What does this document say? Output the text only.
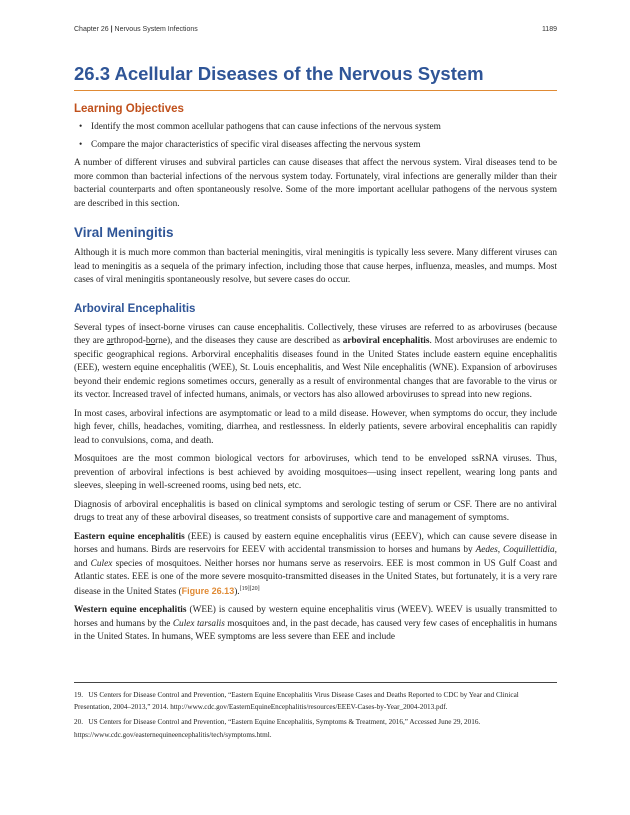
Chapter 26 | Nervous System Infections	1189
26.3 Acellular Diseases of the Nervous System
Learning Objectives
• Identify the most common acellular pathogens that can cause infections of the nervous system
• Compare the major characteristics of specific viral diseases affecting the nervous system

A number of different viruses and subviral particles can cause diseases that affect the nervous system. Viral diseases tend to be more common than bacterial infections of the nervous system today. Fortunately, viral infections are generally milder than their bacterial counterparts and often spontaneously resolve. Some of the more important acellular pathogens of the nervous system are described in this section.

Viral Meningitis

Although it is much more common than bacterial meningitis, viral meningitis is typically less severe. Many different viruses can lead to meningitis as a sequela of the primary infection, including those that cause herpes, influenza, measles, and mumps. Most cases of viral meningitis spontaneously resolve, but severe cases do occur.

Arboviral Encephalitis

Several types of insect-borne viruses can cause encephalitis. Collectively, these viruses are referred to as arboviruses (because they are arthropod-borne), and the diseases they cause are described as arboviral encephalitis. Most arboviruses are endemic to specific geographical regions. Arborviral encephalitis diseases found in the United States include eastern equine encephalitis (EEE), western equine encephalitis (WEE), St. Louis encephalitis, and West Nile encephalitis (WNE). Expansion of arboviruses beyond their endemic regions sometimes occurs, generally as a result of environmental changes that are favorable to the virus or its vector. Increased travel of infected humans, animals, or vectors has also allowed arboviruses to spread into new regions.

In most cases, arboviral infections are asymptomatic or lead to a mild disease. However, when symptoms do occur, they include high fever, chills, headaches, vomiting, diarrhea, and restlessness. In elderly patients, severe arboviral encephalitis can rapidly lead to convulsions, coma, and death.

Mosquitoes are the most common biological vectors for arboviruses, which tend to be enveloped ssRNA viruses. Thus, prevention of arboviral infections is best achieved by avoiding mosquitoes—using insect repellent, wearing long pants and sleeves, sleeping in well-screened rooms, using bed nets, etc.

Diagnosis of arboviral encephalitis is based on clinical symptoms and serologic testing of serum or CSF. There are no antiviral drugs to treat any of these arboviral diseases, so treatment consists of supportive care and management of symptoms.

Eastern equine encephalitis (EEE) is caused by eastern equine encephalitis virus (EEEV), which can cause severe disease in horses and humans. Birds are reservoirs for EEEV with accidental transmission to horses and humans by Aedes, Coquillettidia, and Culex species of mosquitoes. Neither horses nor humans serve as reservoirs. EEE is most common in US Gulf Coast and Atlantic states. EEE is one of the more severe mosquito-transmitted diseases in the United States, but fortunately, it is a very rare disease in the United States (Figure 26.13).[19][20]

Western equine encephalitis (WEE) is caused by western equine encephalitis virus (WEEV). WEEV is usually transmitted to horses and humans by the Culex tarsalis mosquitoes and, in the past decade, has caused very few cases of encephalitis in humans in the United States. In humans, WEE symptoms are less severe than EEE and include

19.   US Centers for Disease Control and Prevention, “Eastern Equine Encephalitis Virus Disease Cases and Deaths Reported to CDC by Year and Clinical Presentation, 2004–2013,” 2014. http://www.cdc.gov/EasternEquineEncephalitis/resources/EEEV-Cases-by-Year_2004-2013.pdf.

20.   US Centers for Disease Control and Prevention, “Eastern Equine Encephalitis, Symptoms & Treatment, 2016,” Accessed June 29, 2016. https://www.cdc.gov/easternequineencephalitis/tech/symptoms.html.
